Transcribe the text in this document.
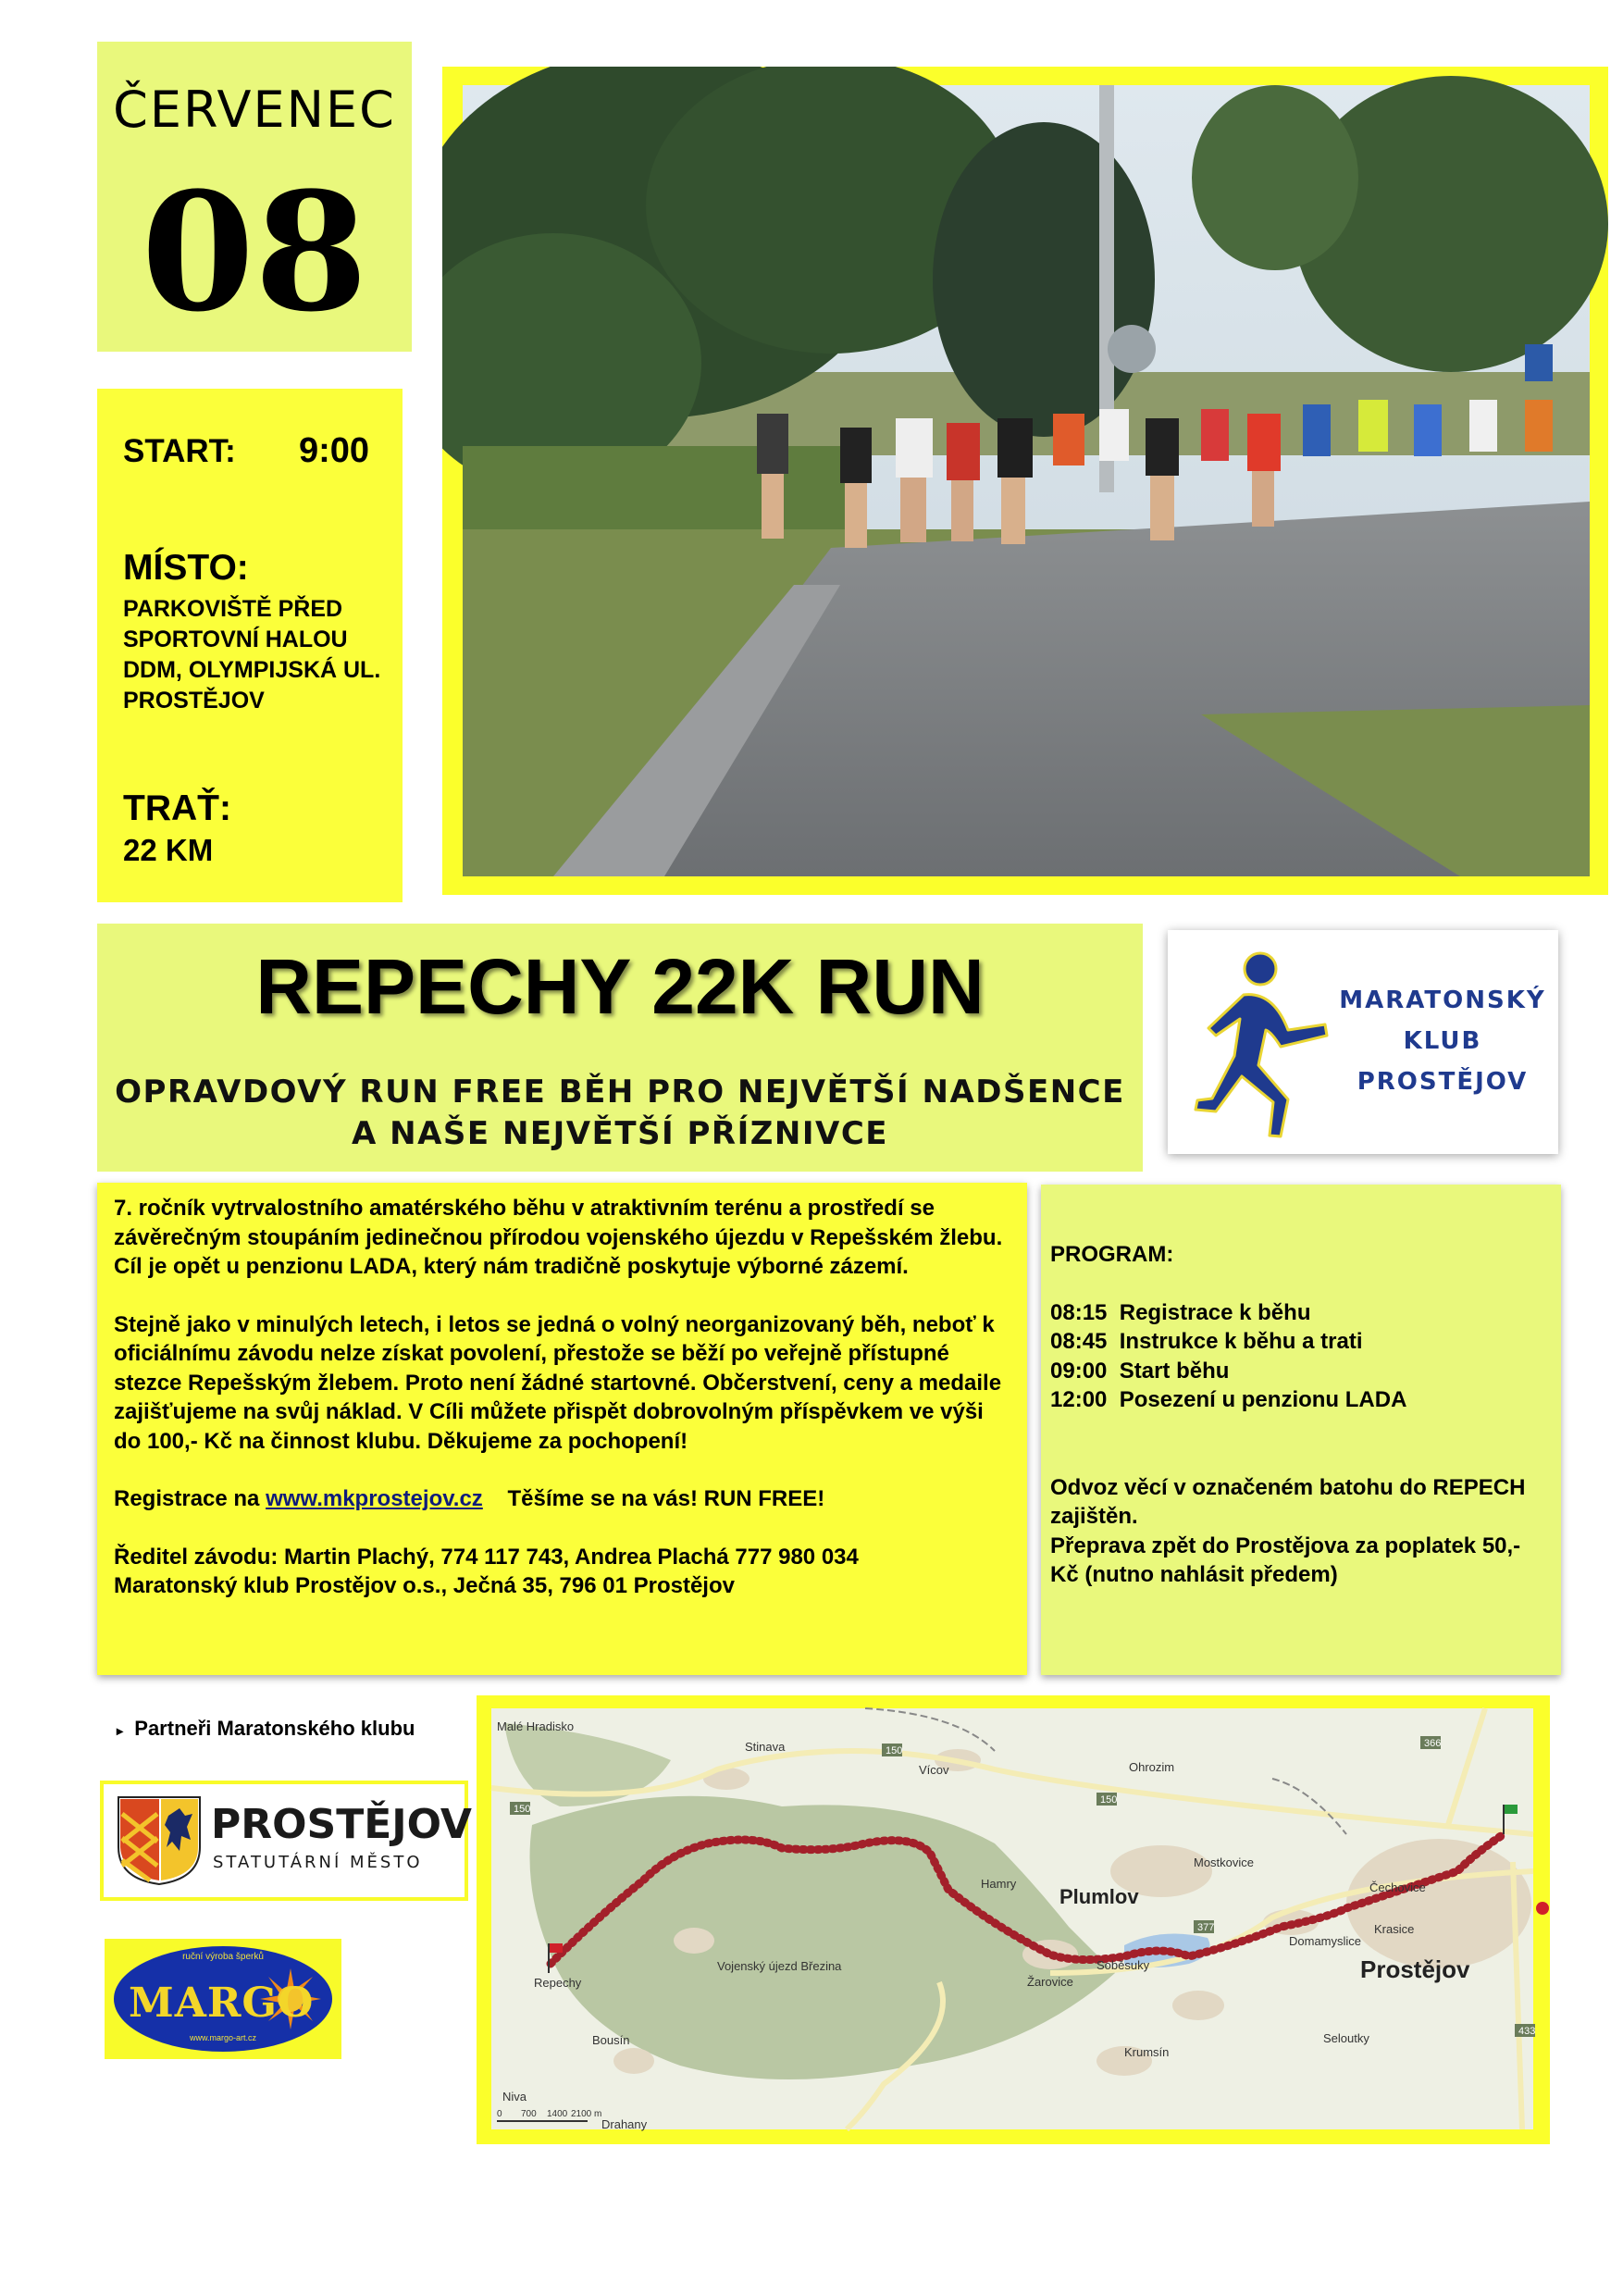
ČERVENEC
08
START: 9:00
MÍSTO:
PARKOVIŠTĚ PŘED
SPORTOVNÍ HALOU
DDM, OLYMPIJSKÁ UL.
PROSTĚJOV
TRAŤ:
22 KM
REPECHY 22K RUN
OPRAVDOVÝ RUN FREE BĚH PRO NEJVĚTŠÍ NADŠENCE
A NAŠE NEJVĚTŠÍ PŘÍZNIVCE
MARATONSKÝ
KLUB
PROSTĚJOV

7. ročník vytrvalostního amatérského běhu v atraktivním terénu a prostředí se závěrečným stoupáním jedinečnou přírodou vojenského újezdu v Repešském žlebu. Cíl je opět u penzionu LADA, který nám tradičně poskytuje výborné zázemí.

Stejně jako v minulých letech, i letos se jedná o volný neorganizovaný běh, neboť k oficiálnímu závodu nelze získat povolení, přestože se běží po veřejně přístupné stezce Repešským žlebem. Proto není žádné startovné. Občerstvení, ceny a medaile zajišťujeme na svůj náklad. V Cíli můžete přispět dobrovolným příspěvkem ve výši do 100,- Kč na činnost klubu. Děkujeme za pochopení!

Registrace na www.mkprostejov.cz Těšíme se na vás! RUN FREE!

Ředitel závodu: Martin Plachý, 774 117 743, Andrea Plachá 777 980 034

Maratonský klub Prostějov o.s., Ječná 35, 796 01 Prostějov

PROGRAM:

08:15 Registrace k běhu

08:45 Instrukce k běhu a trati

09:00 Start běhu

12:00 Posezení u penzionu LADA

Odvoz věcí v označeném batohu do REPECH zajištěn.

Přeprava zpět do Prostějova za poplatek 50,- Kč (nutno nahlásit předem)

▸ Partneři Maratonského klubu
PROSTĚJOV
STATUTÁRNÍ MĚSTO
ruční výroba šperků
MARGO
www.margo-art.cz
150
150
150
377
366
433
Malé Hradisko
Stinava
Vícov	Ohrozim
Hamry
Mostkovice
Čechovice
Krasice
Domamyslice
Repechy
Vojenský újezd Březina
Žarovice
Soběsuky
Krumsín
Seloutky
Bousín
Niva
Drahany
Plumlov
Prostějov
0 700 1400 2100 m
